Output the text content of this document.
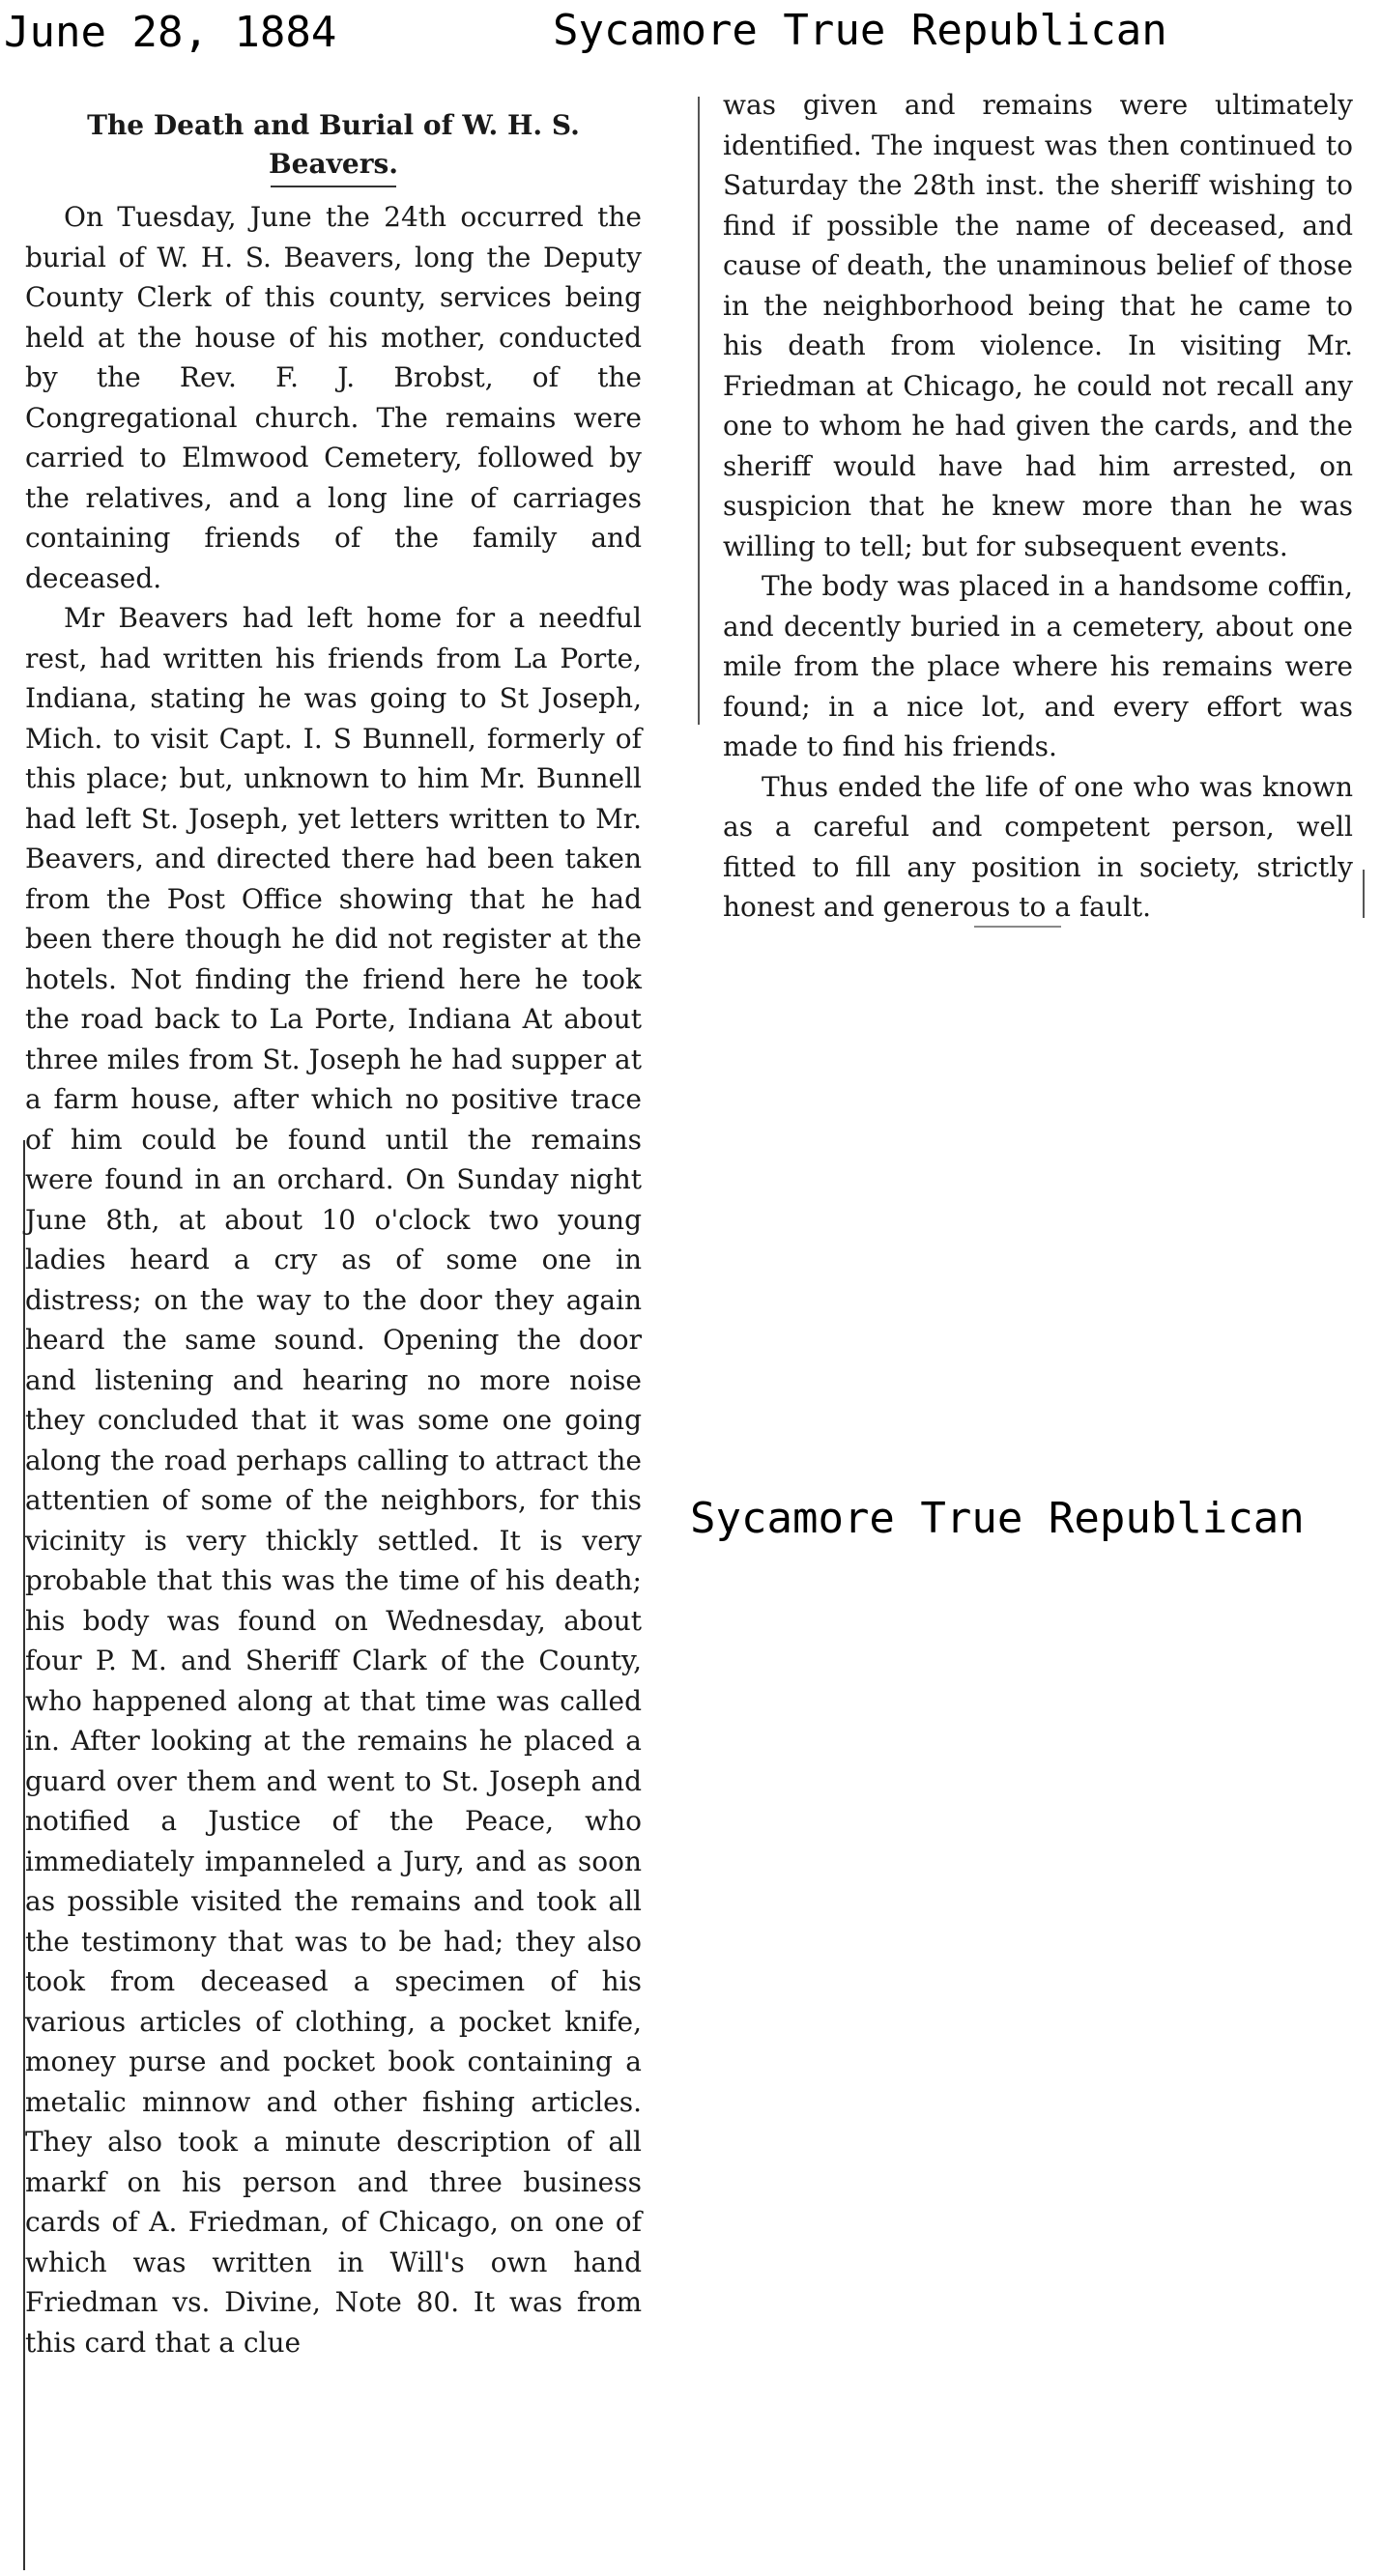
June 28, 1884	Sycamore True Republican
The Death and Burial of W. H. S.
Beavers.

On Tuesday, June the 24th occurred the burial of W. H. S. Beavers, long the Deputy County Clerk of this county, services being held at the house of his mother, conducted by the Rev. F. J. Brobst, of the Congregational church. The remains were carried to Elmwood Cemetery, followed by the relatives, and a long line of carriages containing friends of the family and deceased.

Mr Beavers had left home for a needful rest, had written his friends from La Porte, Indiana, stating he was going to St Joseph, Mich. to visit Capt. I. S Bunnell, formerly of this place; but, unknown to him Mr. Bunnell had left St. Joseph, yet letters written to Mr. Beavers, and directed there had been taken from the Post Office showing that he had been there though he did not register at the hotels. Not finding the friend here he took the road back to La Porte, Indiana At about three miles from St. Joseph he had supper at a farm house, after which no positive trace of him could be found until the remains were found in an orchard. On Sunday night June 8th, at about 10 o'clock two young ladies heard a cry as of some one in distress; on the way to the door they again heard the same sound. Opening the door and listening and hearing no more noise they concluded that it was some one going along the road perhaps calling to attract the attentien of some of the neighbors, for this vicinity is very thickly settled. It is very probable that this was the time of his death; his body was found on Wednesday, about four P. M. and Sheriff Clark of the County, who happened along at that time was called in. After looking at the remains he placed a guard over them and went to St. Joseph and notified a Justice of the Peace, who immediately impanneled a Jury, and as soon as possible visited the remains and took all the testimony that was to be had; they also took from deceased a specimen of his various articles of clothing, a pocket knife, money purse and pocket book containing a metalic minnow and other fishing articles. They also took a minute description of all markf on his person and three business cards of A. Friedman, of Chicago, on one of which was written in Will's own hand Friedman vs. Divine, Note 80. It was from this card that a clue

was given and remains were ultimately identified. The inquest was then continued to Saturday the 28th inst. the sheriff wishing to find if possible the name of deceased, and cause of death, the unaminous belief of those in the neighborhood being that he came to his death from violence. In visiting Mr. Friedman at Chicago, he could not recall any one to whom he had given the cards, and the sheriff would have had him arrested, on suspicion that he knew more than he was willing to tell; but for subsequent events.

The body was placed in a handsome coffin, and decently buried in a cemetery, about one mile from the place where his remains were found; in a nice lot, and every effort was made to find his friends.

Thus ended the life of one who was known as a careful and competent person, well fitted to fill any position in society, strictly honest and generous to a fault.

Sycamore True Republican
